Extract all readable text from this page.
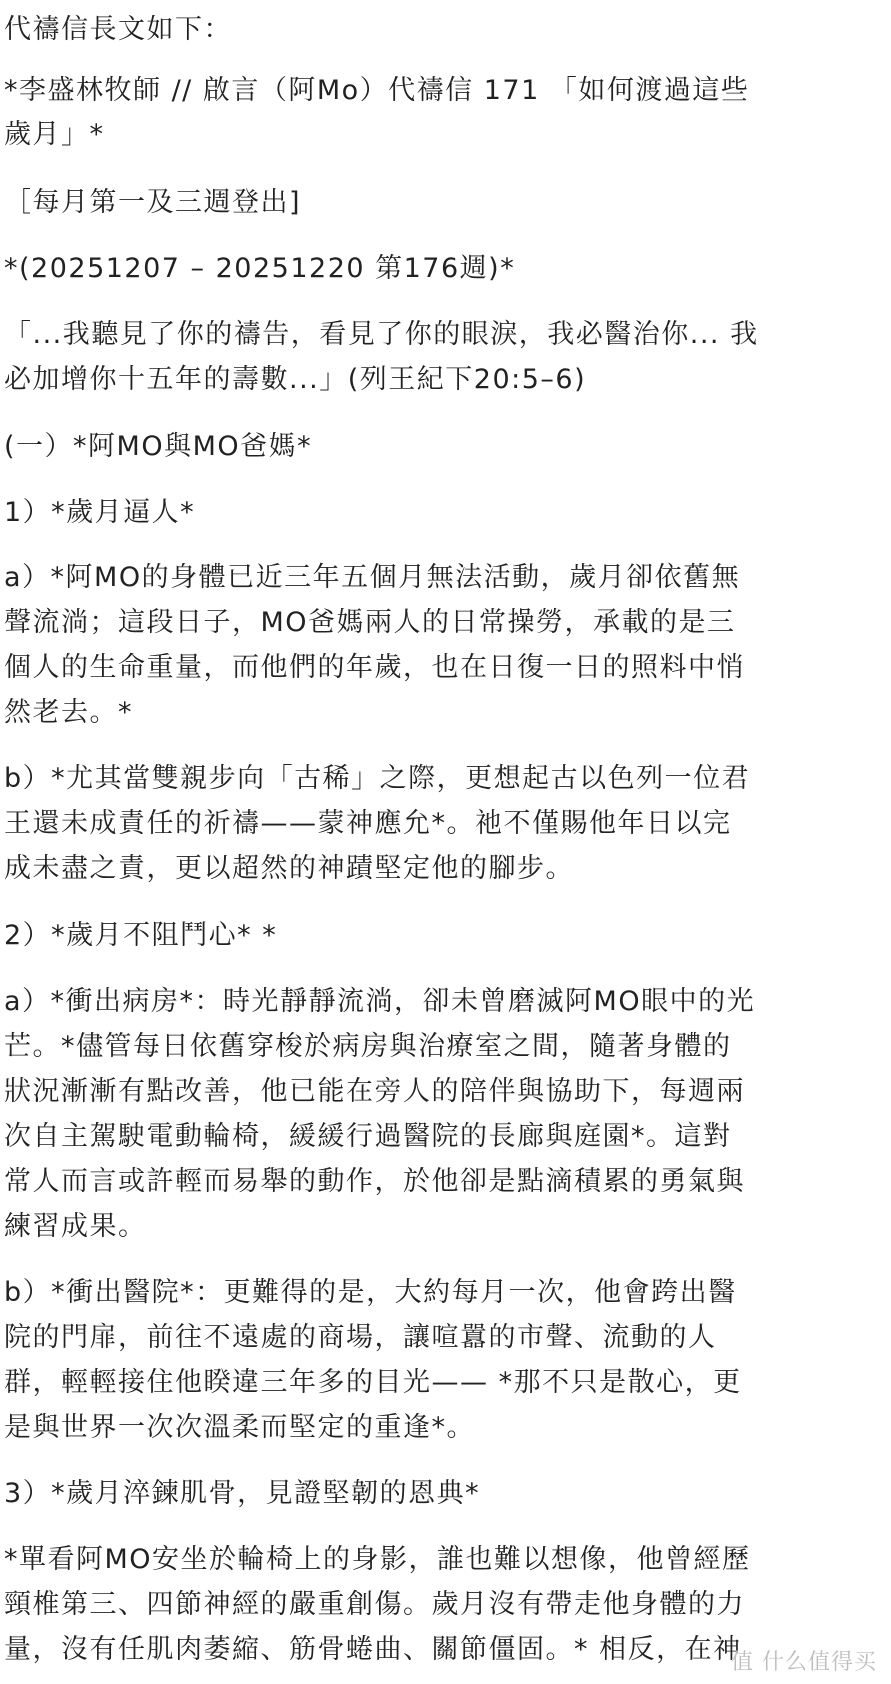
代禱信長文如下：

*李盛林牧師 // 啟言（阿Mo）代禱信 171 「如何渡過這些

歲月」*

［每月第一及三週登出]

*(20251207 – 20251220 第176週)*

「...我聽見了你的禱告，看見了你的眼淚，我必醫治你... 我

必加增你十五年的壽數...」(列王紀下20:5–6)

(一）*阿MO與MO爸媽*

1）*歲月逼人*

a）*阿MO的身體已近三年五個月無法活動，歲月卻依舊無

聲流淌；這段日子，MO爸媽兩人的日常操勞，承載的是三

個人的生命重量，而他們的年歲，也在日復一日的照料中悄

然老去。*

b）*尤其當雙親步向「古稀」之際，更想起古以色列一位君

王還未成責任的祈禱——蒙神應允*。祂不僅賜他年日以完

成未盡之責，更以超然的神蹟堅定他的腳步。

2）*歲月不阻鬥心* *

a）*衝出病房*：時光靜靜流淌，卻未曾磨滅阿MO眼中的光

芒。*儘管每日依舊穿梭於病房與治療室之間，隨著身體的

狀況漸漸有點改善，他已能在旁人的陪伴與協助下，每週兩

次自主駕駛電動輪椅，緩緩行過醫院的長廊與庭園*。這對

常人而言或許輕而易舉的動作，於他卻是點滴積累的勇氣與

練習成果。

b）*衝出醫院*：更難得的是，大約每月一次，他會跨出醫

院的門扉，前往不遠處的商場，讓喧囂的市聲、流動的人

群，輕輕接住他睽違三年多的目光—— *那不只是散心，更

是與世界一次次溫柔而堅定的重逢*。

3）*歲月淬鍊肌骨，見證堅韌的恩典*

*單看阿MO安坐於輪椅上的身影，誰也難以想像，他曾經歷

頸椎第三、四節神經的嚴重創傷。歲月沒有帶走他身體的力

量，沒有任肌肉萎縮、筋骨蜷曲、關節僵固。* 相反，在神

值 什么值得买
